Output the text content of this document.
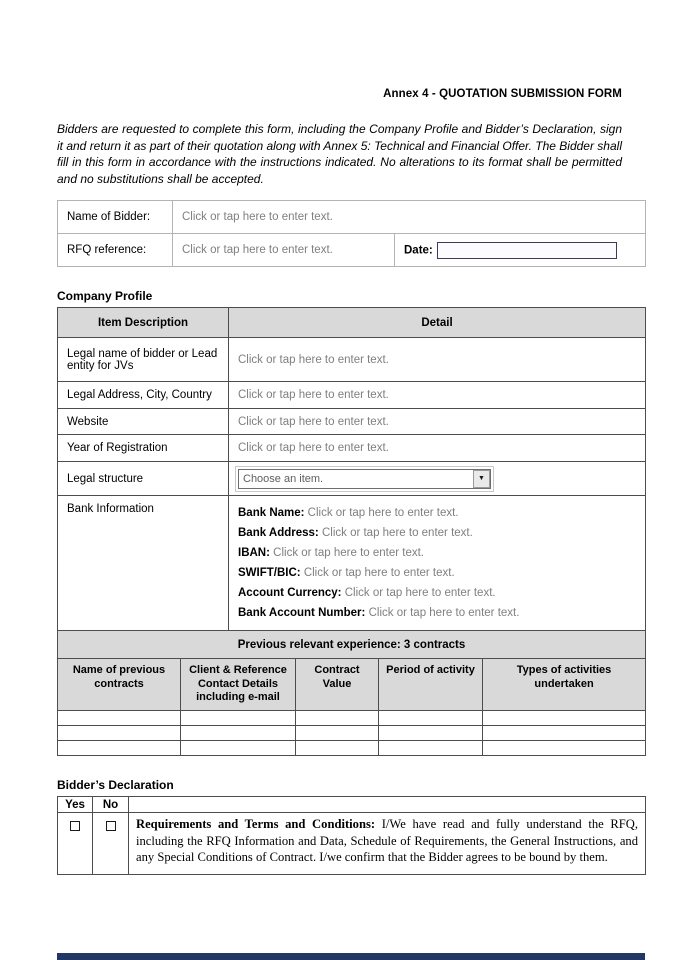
Annex 4 - QUOTATION SUBMISSION FORM

Bidders are requested to complete this form, including the Company Profile and Bidder’s Declaration, sign it and return it as part of their quotation along with Annex 5: Technical and Financial Offer. The Bidder shall fill in this form in accordance with the instructions indicated. No alterations to its format shall be permitted and no substitutions shall be accepted.

Name of Bidder:	Click or tap here to enter text.	
RFQ reference:	Click or tap here to enter text.	Date:
Company Profile
Item Description	Detail
Legal name of bidder or Lead entity for JVs	Click or tap here to enter text.
Legal Address, City, Country	Click or tap here to enter text.
Website	Click or tap here to enter text.
Year of Registration	Click or tap here to enter text.
Legal structure	Choose an item. ▼

Bank Information	Bank Name: Click or tap here to enter text.
Bank Address: Click or tap here to enter text.
IBAN: Click or tap here to enter text.
SWIFT/BIC: Click or tap here to enter text.
Account Currency: Click or tap here to enter text.
Bank Account Number: Click or tap here to enter text.
Previous relevant experience: 3 contracts				
Name of previous contracts	Client & Reference Contact Details including e-mail	Contract Value	Period of activity	Types of activities undertaken

Bidder’s Declaration
Yes	No	
		Requirements and Terms and Conditions: I/We have read and fully understand the RFQ, including the RFQ Information and Data, Schedule of Requirements, the General Instructions, and any Special Conditions of Contract. I/we confirm that the Bidder agrees to be bound by them.
